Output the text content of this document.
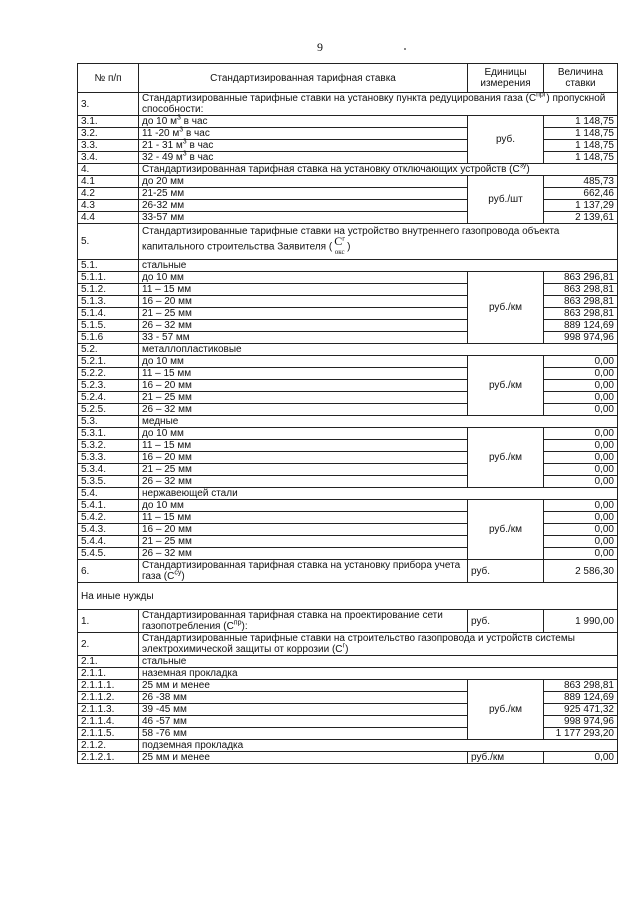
9
№ п/п	Стандартизированная тарифная ставка	Единицы измерения	Величина ставки
3.	Стандартизированные тарифные ставки на установку пункта редуцирования газа $(С^{прг})$ пропускной способности:		
3.1.	до 10 $м^3$ в час	руб.	1 148,75
3.2.	11 -20 $м^3$ в час		1 148,75
3.3.	21 - 31 $м^3$ в час		1 148,75
3.4.	32 - 49 $м^3$ в час		1 148,75
4.	Стандартизированная тарифная ставка на установку отключающих устройств $(С^{зу})$		
4.1	до 20 мм	руб./шт	485,73
4.2	21-25 мм		662,46
4.3	26-32 мм		1 137,29
4.4	33-57 мм		2 139,61
5.	Стандартизированные тарифные ставки на устройство внутреннего газопровода объекта капитального строительства Заявителя ( $C^г$
окс )		
5.1.	стальные		
5.1.1.	до 10 мм	руб./км	863 296,81
5.1.2.	11 – 15 мм		863 298,81
5.1.3.	16 – 20 мм		863 298,81
5.1.4.	21 – 25 мм		863 298,81
5.1.5.	26 – 32 мм		889 124,69
5.1.6	33 - 57 мм		998 974,96
5.2.	металлопластиковые		
5.2.1.	до 10 мм	руб./км	0,00
5.2.2.	11 – 15 мм		0,00
5.2.3.	16 – 20 мм		0,00
5.2.4.	21 – 25 мм		0,00
5.2.5.	26 – 32 мм		0,00
5.3.	медные		
5.3.1.	до 10 мм	руб./км	0,00
5.3.2.	11 – 15 мм		0,00
5.3.3.	16 – 20 мм		0,00
5.3.4.	21 – 25 мм		0,00
5.3.5.	26 – 32 мм		0,00
5.4.	нержавеющей стали		
5.4.1.	до 10 мм	руб./км	0,00
5.4.2.	11 – 15 мм		0,00
5.4.3.	16 – 20 мм		0,00
5.4.4.	21 – 25 мм		0,00
5.4.5.	26 – 32 мм		0,00
6.	Стандартизированная тарифная ставка на установку прибора учета газа $(С^{су})$	руб.	2 586,30
На иные нужды			
1.	Стандартизированная тарифная ставка на проектирование сети газопотребления $(С^{пр})$:	руб.	1 990,00
2.	Стандартизированные тарифные ставки на строительство газопровода и устройств системы электрохимической защиты от коррозии $(С^г)$		
2.1.	стальные		
2.1.1.	наземная прокладка		
2.1.1.1.	25 мм и менее	руб./км	863 298,81
2.1.1.2.	26 -38 мм		889 124,69
2.1.1.3.	39 -45 мм		925 471,32
2.1.1.4.	46 -57 мм		998 974,96
2.1.1.5.	58 -76 мм		1 177 293,20
2.1.2.	подземная прокладка		
2.1.2.1.	25 мм и менее	руб./км	0,00
